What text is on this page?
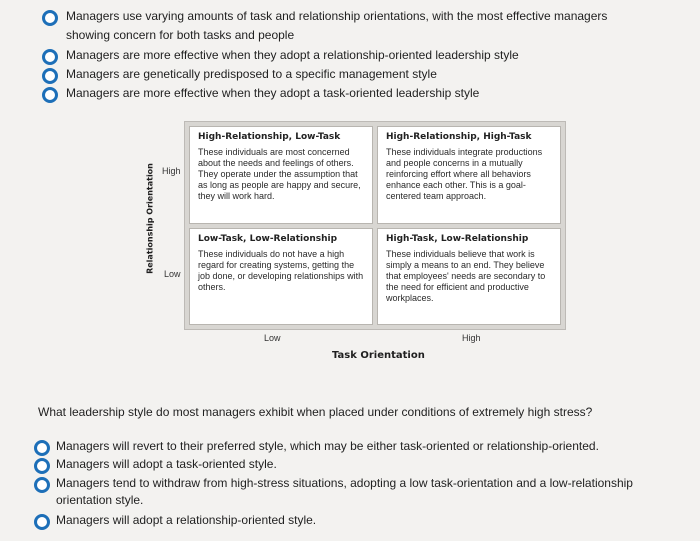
Managers use varying amounts of task and relationship orientations, with the most effective managers
showing concern for both tasks and people
Managers are more effective when they adopt a relationship-oriented leadership style
Managers are genetically predisposed to a specific management style
Managers are more effective when they adopt a task-oriented leadership style
Relationship Orientation High
Low
High-Relationship, Low-Task
These individuals are most concerned about the needs and feelings of others. They operate under the assumption that as long as people are happy and secure, they will work hard.
High-Relationship, High-Task
These individuals integrate productions and people concerns in a mutually reinforcing effort where all behaviors enhance each other. This is a goal-centered team approach.
Low-Task, Low-Relationship
These individuals do not have a high regard for creating systems, getting the job done, or developing relationships with others.
High-Task, Low-Relationship
These individuals believe that work is simply a means to an end. They believe that employees' needs are secondary to the need for efficient and productive workplaces.
Low	High
Task Orientation
What leadership style do most managers exhibit when placed under conditions of extremely high stress?
Managers will revert to their preferred style, which may be either task-oriented or relationship-oriented.
Managers will adopt a task-oriented style.
Managers tend to withdraw from high-stress situations, adopting a low task-orientation and a low-relationship
orientation style.
Managers will adopt a relationship-oriented style.
